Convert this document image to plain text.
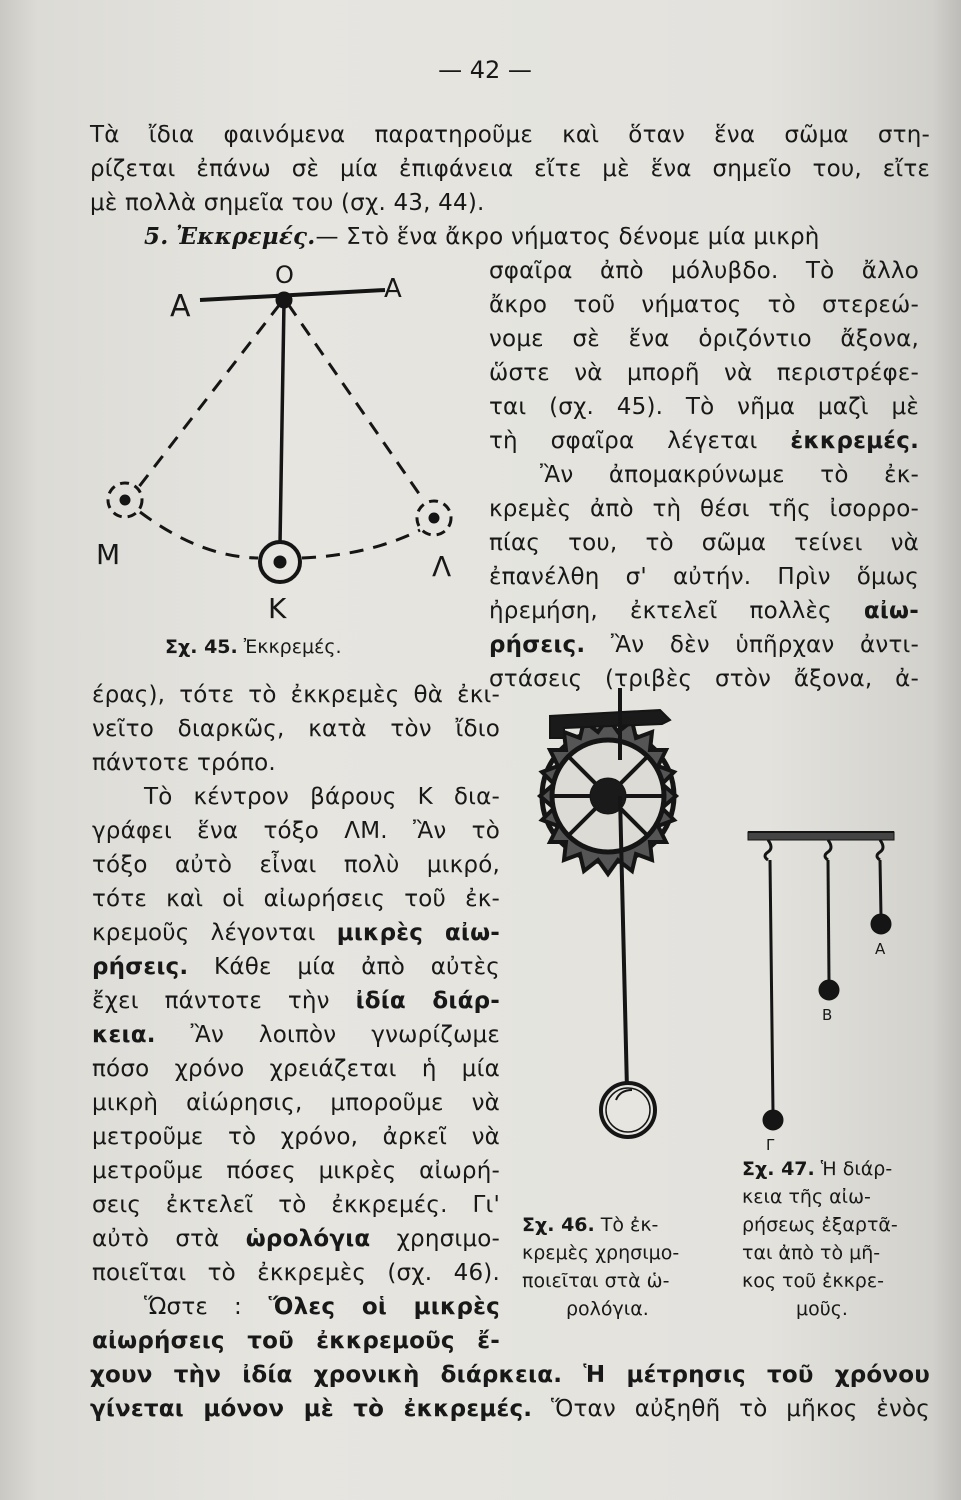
— 42 —
Τὰ ἴδια φαινόμενα παρατηροῦμε καὶ ὅταν ἕνα σῶμα στη-
ρίζεται ἐπάνω σὲ μία ἐπιφάνεια εἴτε μὲ ἕνα σημεῖο του, εἴτε
μὲ πολλὰ σημεῖα του (σχ. 43, 44).
5. Ἐκκρεμές.— Στὸ ἕνα ἄκρο νήματος δένομε μία μικρὴ
σφαῖρα ἀπὸ μόλυβδο. Τὸ ἄλλο
ἄκρο τοῦ νήματος τὸ στερεώ-
νομε σὲ ἕνα ὁριζόντιο ἄξονα,
ὥστε νὰ μπορῆ νὰ περιστρέφε-
ται (σχ. 45). Τὸ νῆμα μαζὶ μὲ
τὴ σφαῖρα λέγεται ἐκκρεμές.
Ἂν ἀπομακρύνωμε τὸ ἐκ-
κρεμὲς ἀπὸ τὴ θέσι τῆς ἰσορρο-
πίας του, τὸ σῶμα τείνει νὰ
ἐπανέλθη σ' αὐτήν. Πρὶν ὅμως
ἠρεμήση, ἐκτελεῖ πολλὲς αἰω-
ρήσεις. Ἂν δὲν ὑπῆρχαν ἀντι-
στάσεις (τριβὲς στὸν ἄξονα, ἀ-
O
A	A
M	Λ
K
Σχ. 45. Ἐκκρεμές.
έρας), τότε τὸ ἐκκρεμὲς θὰ ἐκι-
νεῖτο διαρκῶς, κατὰ τὸν ἴδιο
πάντοτε τρόπο.
Τὸ κέντρον βάρους Κ δια-
γράφει ἕνα τόξο ΛΜ. Ἂν τὸ
τόξο αὐτὸ εἶναι πολὺ μικρό,
τότε καὶ οἱ αἰωρήσεις τοῦ ἐκ-
κρεμοῦς λέγονται μικρὲς αἰω-
ρήσεις. Κάθε μία ἀπὸ αὐτὲς
ἔχει πάντοτε τὴν ἰδία διάρ-
κεια. Ἂν λοιπὸν γνωρίζωμε
πόσο χρόνο χρειάζεται ἡ μία
μικρὴ αἰώρησις, μποροῦμε νὰ
μετροῦμε τὸ χρόνο, ἀρκεῖ νὰ
μετροῦμε πόσες μικρὲς αἰωρή-
σεις ἐκτελεῖ τὸ ἐκκρεμές. Γι'
αὐτὸ στὰ ὡρολόγια χρησιμο-
ποιεῖται τὸ ἐκκρεμὲς (σχ. 46).
Ὥστε : Ὅλες οἱ μικρὲς
αἰωρήσεις τοῦ ἐκκρεμοῦς ἔ-
χουν τὴν ἰδία χρονικὴ διάρκεια. Ἡ μέτρησις τοῦ χρόνου
γίνεται μόνον μὲ τὸ ἐκκρεμές. Ὅταν αὐξηθῆ τὸ μῆκος ἑνὸς
Σχ. 46. Τὸ ἐκ-
κρεμὲς χρησιμο-
ποιεῖται στὰ ὡ-
ρολόγια.
A
B
Γ
Σχ. 47. Ἡ διάρ-
κεια τῆς αἰω-
ρήσεως ἐξαρτᾶ-
ται ἀπὸ τὸ μῆ-
κος τοῦ ἐκκρε-
μοῦς.
